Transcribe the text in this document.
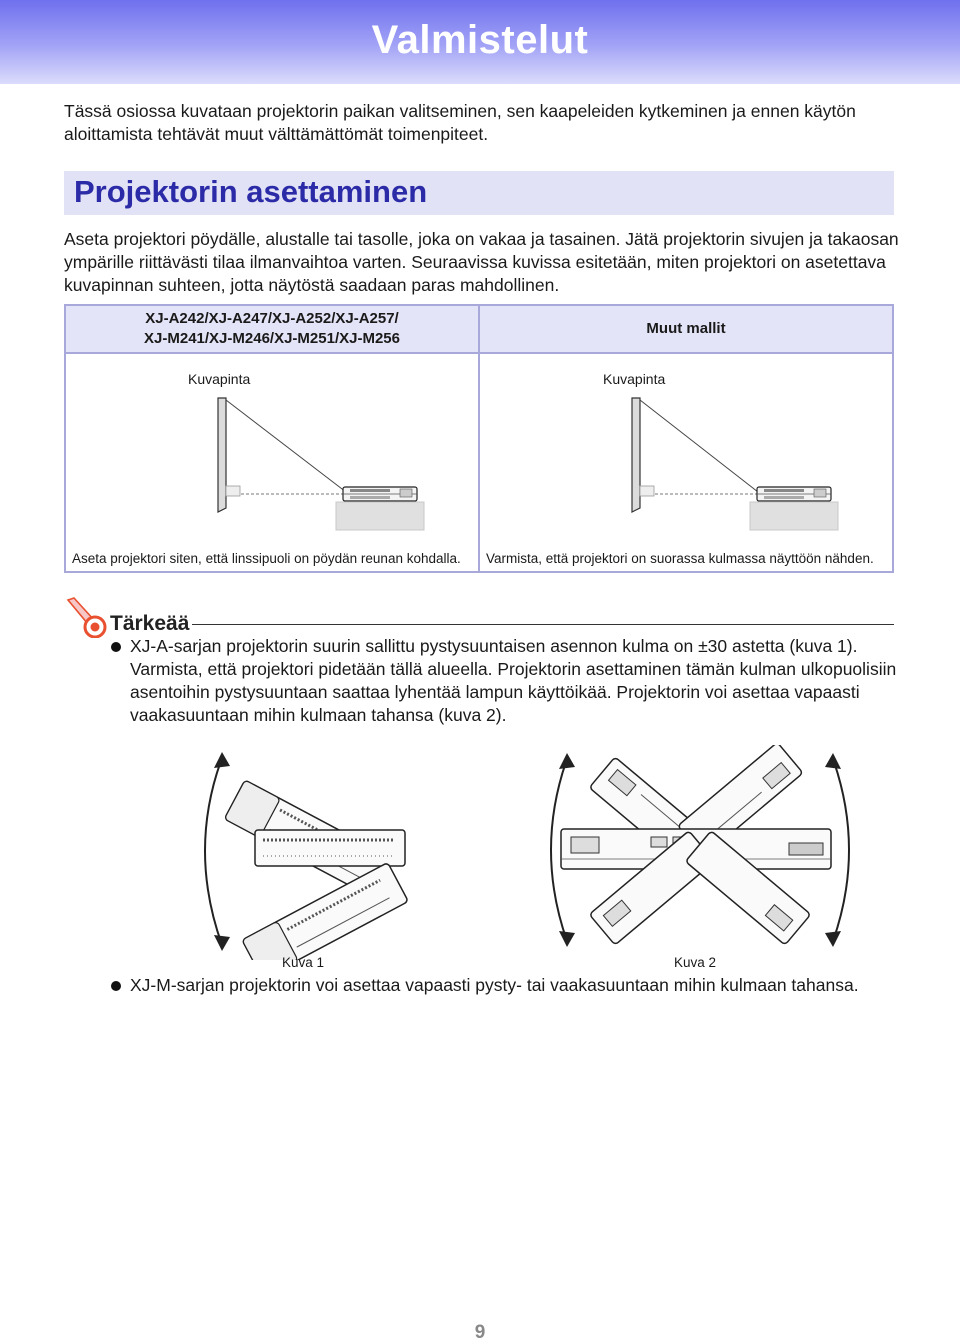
Valmistelut
Tässä osiossa kuvataan projektorin paikan valitseminen, sen kaapeleiden kytkeminen ja ennen käytön aloittamista tehtävät muut välttämättömät toimenpiteet.
Projektorin asettaminen
Aseta projektori pöydälle, alustalle tai tasolle, joka on vakaa ja tasainen. Jätä projektorin sivujen ja takaosan ympärille riittävästi tilaa ilmanvaihtoa varten. Seuraavissa kuvissa esitetään, miten projektori on asetettava kuvapinnan suhteen, jotta näytöstä saadaan paras mahdollinen.
XJ-A242/XJ-A247/XJ-A252/XJ-A257/
XJ-M241/XJ-M246/XJ-M251/XJ-M256
Muut mallit
Kuvapinta	Kuvapinta
Aseta projektori siten, että linssipuoli on pöydän reunan kohdalla. Varmista, että projektori on suorassa kulmassa näyttöön nähden.
Tärkeää
XJ-A-sarjan projektorin suurin sallittu pystysuuntaisen asennon kulma on ±30 astetta (kuva 1). Varmista, että projektori pidetään tällä alueella. Projektorin asettaminen tämän kulman ulkopuolisiin asentoihin pystysuuntaan saattaa lyhentää lampun käyttöikää. Projektorin voi asettaa vapaasti vaakasuuntaan mihin kulmaan tahansa (kuva 2).
Kuva 1	Kuva 2
XJ-M-sarjan projektorin voi asettaa vapaasti pysty- tai vaakasuuntaan mihin kulmaan tahansa.
9
